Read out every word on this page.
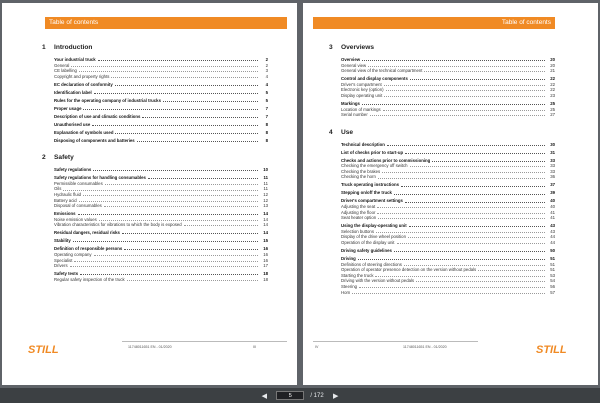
Table of contents
1	Introduction
Your industrial truck	2
General	2
CE labelling	3
Copyright and property rights	4
EC declaration of conformity	4
Identification label	5
Rules for the operating company of industrial trucks	5
Proper usage	7
Description of use and climatic conditions	7
Unauthorised use	8
Explanation of symbols used	8
Disposing of components and batteries	8
2	Safety
Safety regulations	10
Safety regulations for handling consumables	11
Permissible consumables	11
Oils	11
Hydraulic fluid	12
Battery acid	12
Disposal of consumables	13
Emissions	14
Noise emission values	14
Vibration characteristics for vibrations to which the body is exposed	14
Residual dangers, residual risks	14
Stability	15
Definition of responsible persons	16
Operating company	16
Specialist	16
Drivers	17
Safety tests	18
Regular safety inspection of the truck	18
STILL	11748011651 EN - 01/2020	III
Table of contents
3	Overviews
Overview	20
General view	20
General view of the technical compartment	21
Control and display components	22
Driver's compartment	22
Electronic key (option)	22
Display operating unit	23
Markings	25
Location of markings	25
Serial number	27
4	Use
Technical description	30
List of checks prior to start-up	31
Checks and actions prior to commissioning	33
Checking the emergency off switch	33
Checking the brakes	33
Checking the horn	36
Truck operating instructions	37
Stepping on/off the truck	39
Driver's compartment settings	40
Adjusting the seat	40
Adjusting the floor	41
Seat heater option	41
Using the display-operating unit	43
Selection buttons	43
Display of the drive wheel position	44
Operation of the display unit	44
Driving safety guidelines	50
Driving	51
Definitions of steering directions	51
Operation of operator presence detection on the version without pedals	51
Starting the truck	53
Driving with the version without pedals	54
Steering	56
Horn	57
IV	11748011651 EN - 01/2020	STILL
◀
5	/ 172	▶
